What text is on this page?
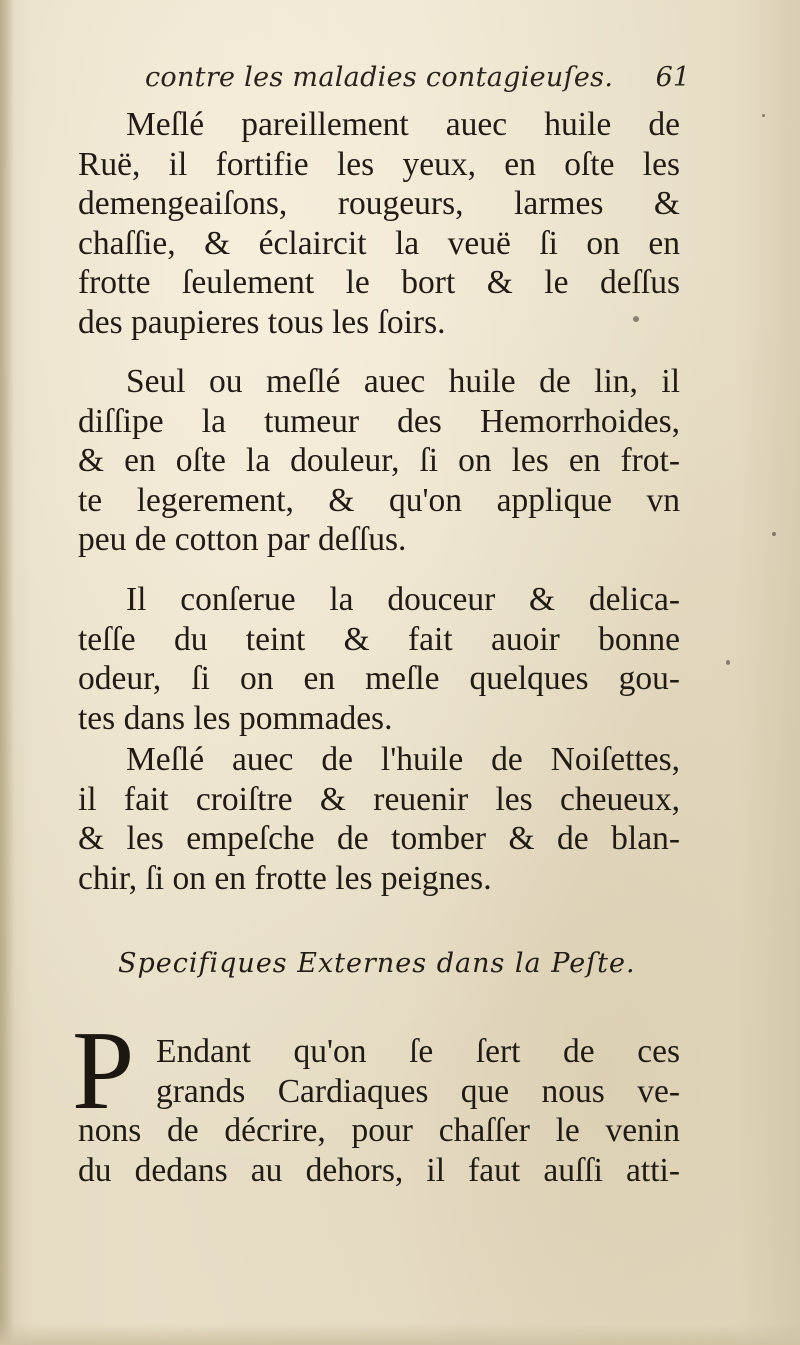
contre les maladies contagieuſes. 61
Meſlé pareillement auec huile de
Ruë, il fortifie les yeux, en oſte les
demengeaiſons, rougeurs, larmes &
chaſſie, & éclaircit la veuë ſi on en
frotte ſeulement le bort & le deſſus
des paupieres tous les ſoirs.
Seul ou meſlé auec huile de lin, il
diſſipe la tumeur des Hemorrhoides,
& en oſte la douleur, ſi on les en frot-
te legerement, & qu'on applique vn
peu de cotton par deſſus.
Il conſerue la douceur & delica-
teſſe du teint & fait auoir bonne
odeur, ſi on en meſle quelques gou-
tes dans les pommades.
Meſlé auec de l'huile de Noiſettes,
il fait croiſtre & reuenir les cheueux,
& les empeſche de tomber & de blan-
chir, ſi on en frotte les peignes.
Specifiques Externes dans la Peſte.
P Endant qu'on ſe ſert de ces
grands Cardiaques que nous ve-
nons de décrire, pour chaſſer le venin
du dedans au dehors, il faut auſſi atti-
